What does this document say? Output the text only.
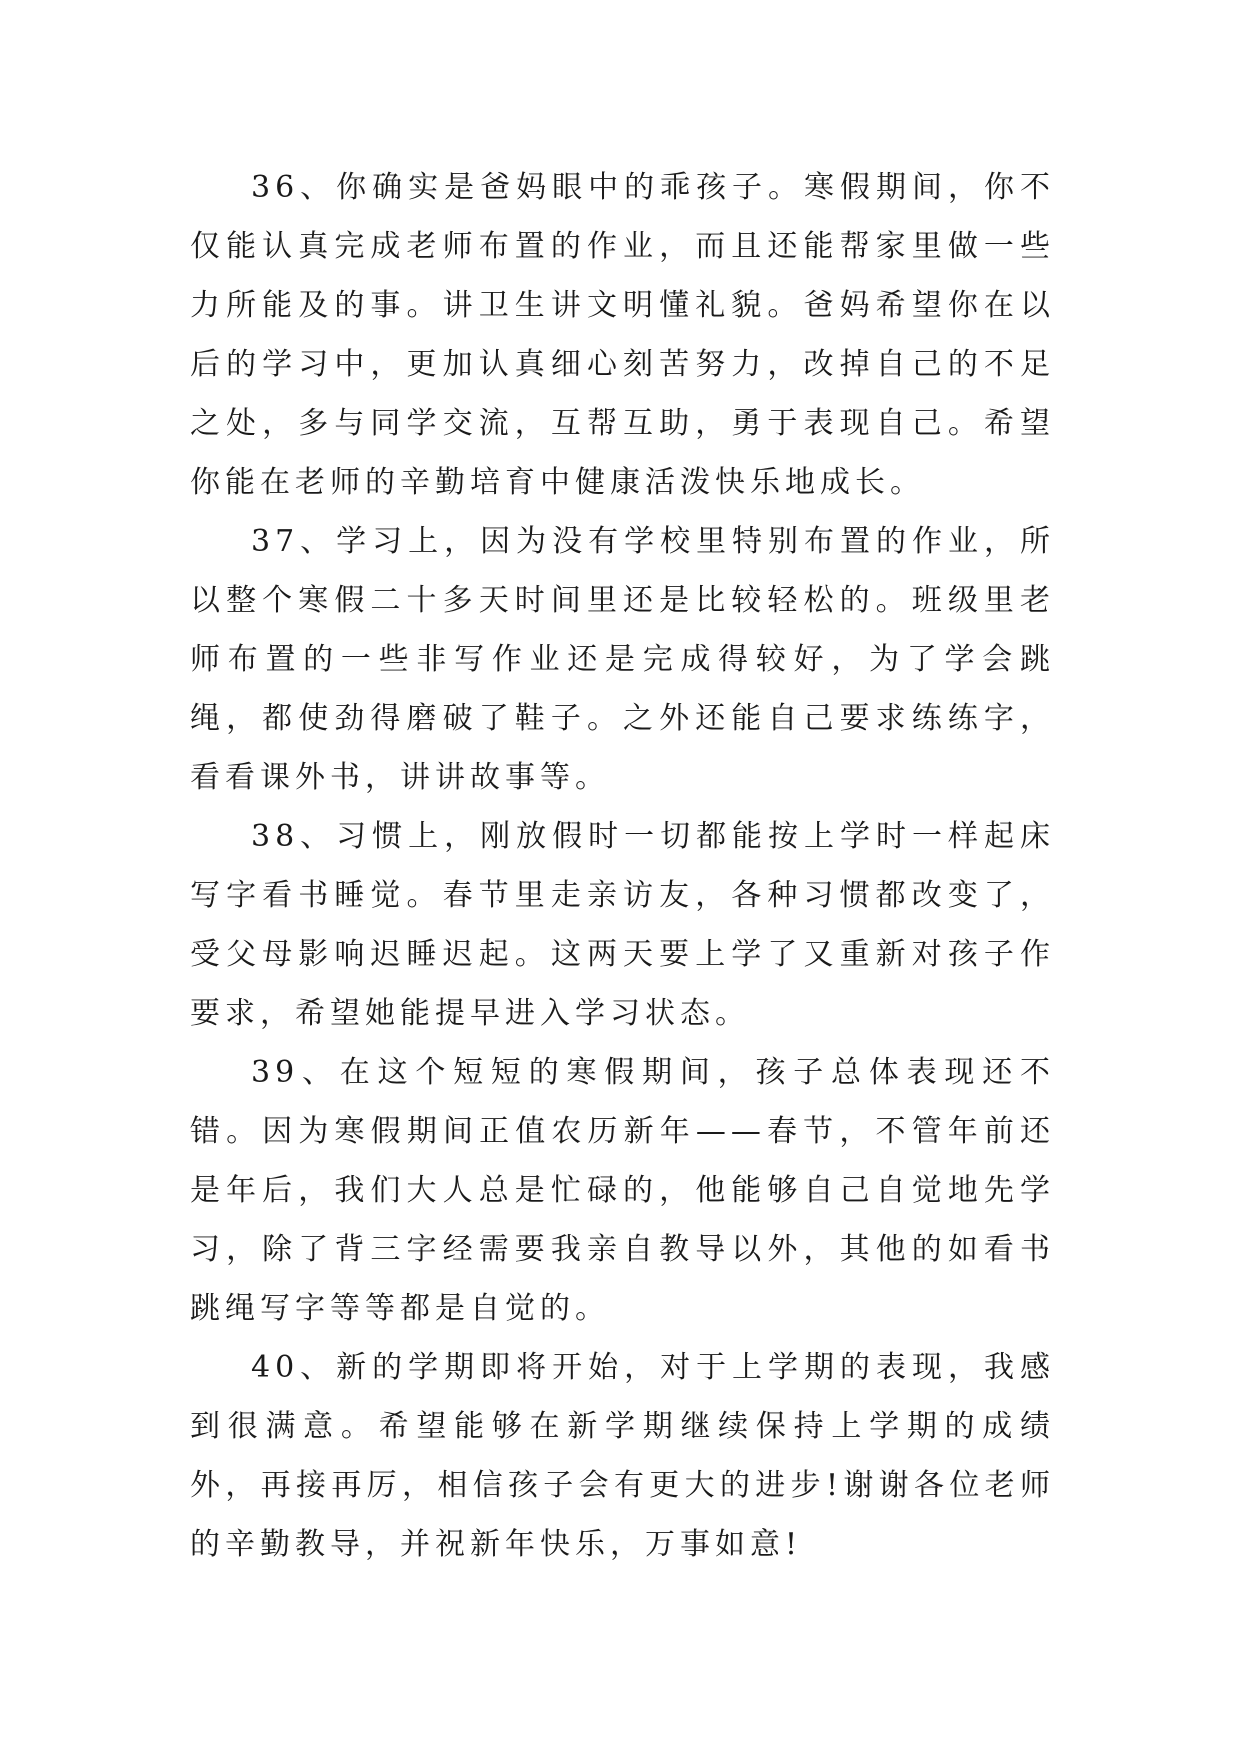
36、你确实是爸妈眼中的乖孩子。寒假期间，你不仅能认真完成老师布置的作业，而且还能帮家里做一些力所能及的事。讲卫生讲文明懂礼貌。爸妈希望你在以后的学习中，更加认真细心刻苦努力，改掉自己的不足之处，多与同学交流，互帮互助，勇于表现自己。希望你能在老师的辛勤培育中健康活泼快乐地成长。

37、学习上，因为没有学校里特别布置的作业，所以整个寒假二十多天时间里还是比较轻松的。班级里老师布置的一些非写作业还是完成得较好，为了学会跳绳，都使劲得磨破了鞋子。之外还能自己要求练练字，看看课外书，讲讲故事等。

38、习惯上，刚放假时一切都能按上学时一样起床写字看书睡觉。春节里走亲访友，各种习惯都改变了，受父母影响迟睡迟起。这两天要上学了又重新对孩子作要求，希望她能提早进入学习状态。

39、在这个短短的寒假期间，孩子总体表现还不错。因为寒假期间正值农历新年——春节，不管年前还是年后，我们大人总是忙碌的，他能够自己自觉地先学习，除了背三字经需要我亲自教导以外，其他的如看书跳绳写字等等都是自觉的。

40、新的学期即将开始，对于上学期的表现，我感到很满意。希望能够在新学期继续保持上学期的成绩外，再接再厉，相信孩子会有更大的进步!谢谢各位老师的辛勤教导，并祝新年快乐，万事如意!
